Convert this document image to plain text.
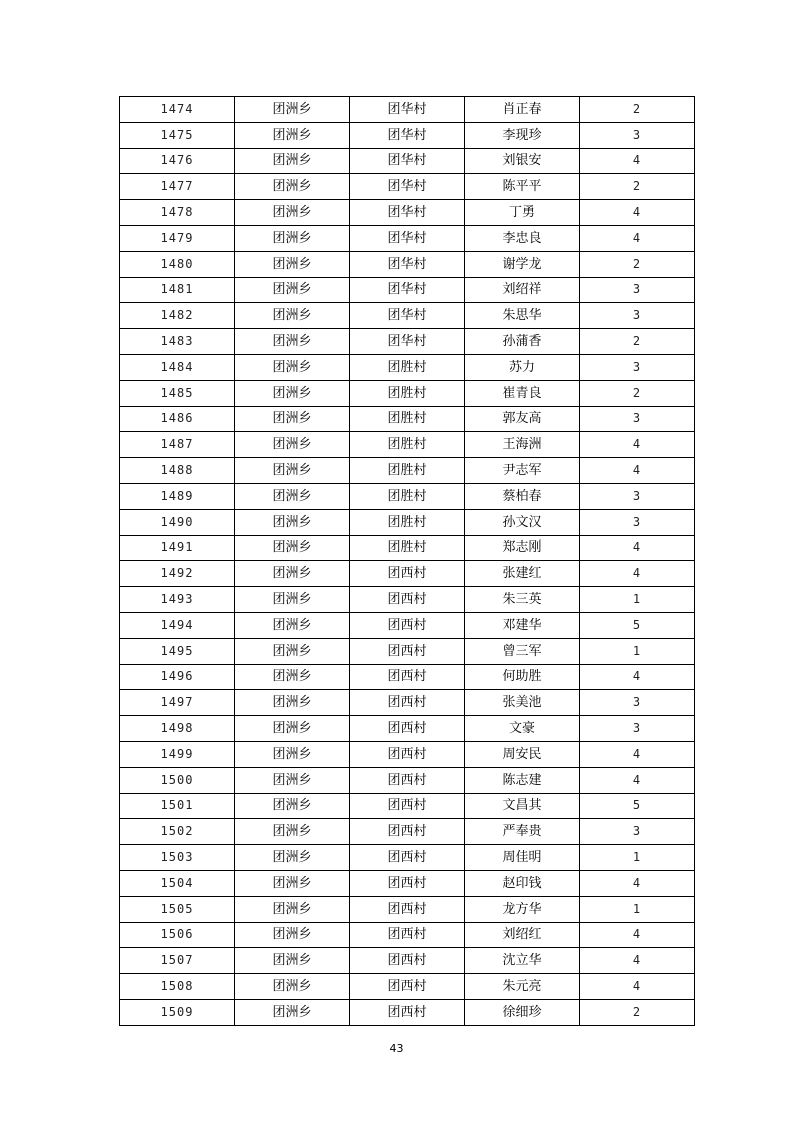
1474	团洲乡	团华村	肖正春	2
1475	团洲乡	团华村	李现珍	3
1476	团洲乡	团华村	刘银安	4
1477	团洲乡	团华村	陈平平	2
1478	团洲乡	团华村	丁勇	4
1479	团洲乡	团华村	李忠良	4
1480	团洲乡	团华村	谢学龙	2
1481	团洲乡	团华村	刘绍祥	3
1482	团洲乡	团华村	朱思华	3
1483	团洲乡	团华村	孙蒲香	2
1484	团洲乡	团胜村	苏力	3
1485	团洲乡	团胜村	崔青良	2
1486	团洲乡	团胜村	郭友高	3
1487	团洲乡	团胜村	王海洲	4
1488	团洲乡	团胜村	尹志军	4
1489	团洲乡	团胜村	蔡柏春	3
1490	团洲乡	团胜村	孙文汉	3
1491	团洲乡	团胜村	郑志刚	4
1492	团洲乡	团西村	张建红	4
1493	团洲乡	团西村	朱三英	1
1494	团洲乡	团西村	邓建华	5
1495	团洲乡	团西村	曾三军	1
1496	团洲乡	团西村	何助胜	4
1497	团洲乡	团西村	张美池	3
1498	团洲乡	团西村	文豪	3
1499	团洲乡	团西村	周安民	4
1500	团洲乡	团西村	陈志建	4
1501	团洲乡	团西村	文昌其	5
1502	团洲乡	团西村	严奉贵	3
1503	团洲乡	团西村	周佳明	1
1504	团洲乡	团西村	赵印钱	4
1505	团洲乡	团西村	龙方华	1
1506	团洲乡	团西村	刘绍红	4
1507	团洲乡	团西村	沈立华	4
1508	团洲乡	团西村	朱元亮	4
1509	团洲乡	团西村	徐细珍	2
43
